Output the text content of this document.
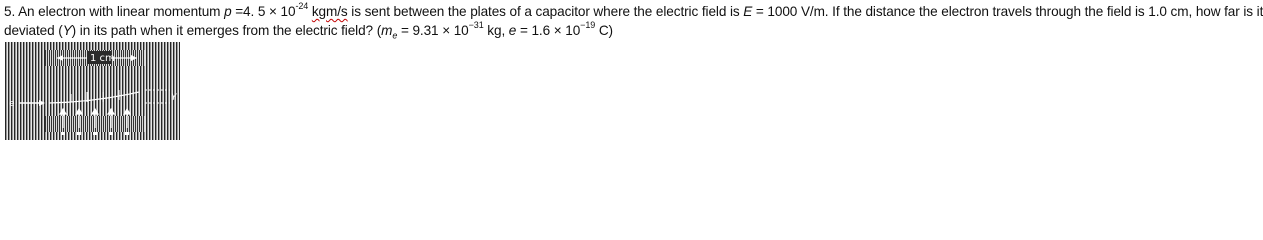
5. An electron with linear momentum p =4. $5 \times 10^{-24}$ kgm/s is sent between the plates of a capacitor where the electric field is E = 1000 V/m. If the distance the electron travels through the field is 1.0 cm, how far is it
deviated (Y) in its path when it emerges from the electric field? ($m_e = 9.31 \times 10^{-31}$ kg, $e = 1.6 \times 10^{-19}$ C)
1 cm
e
Y
